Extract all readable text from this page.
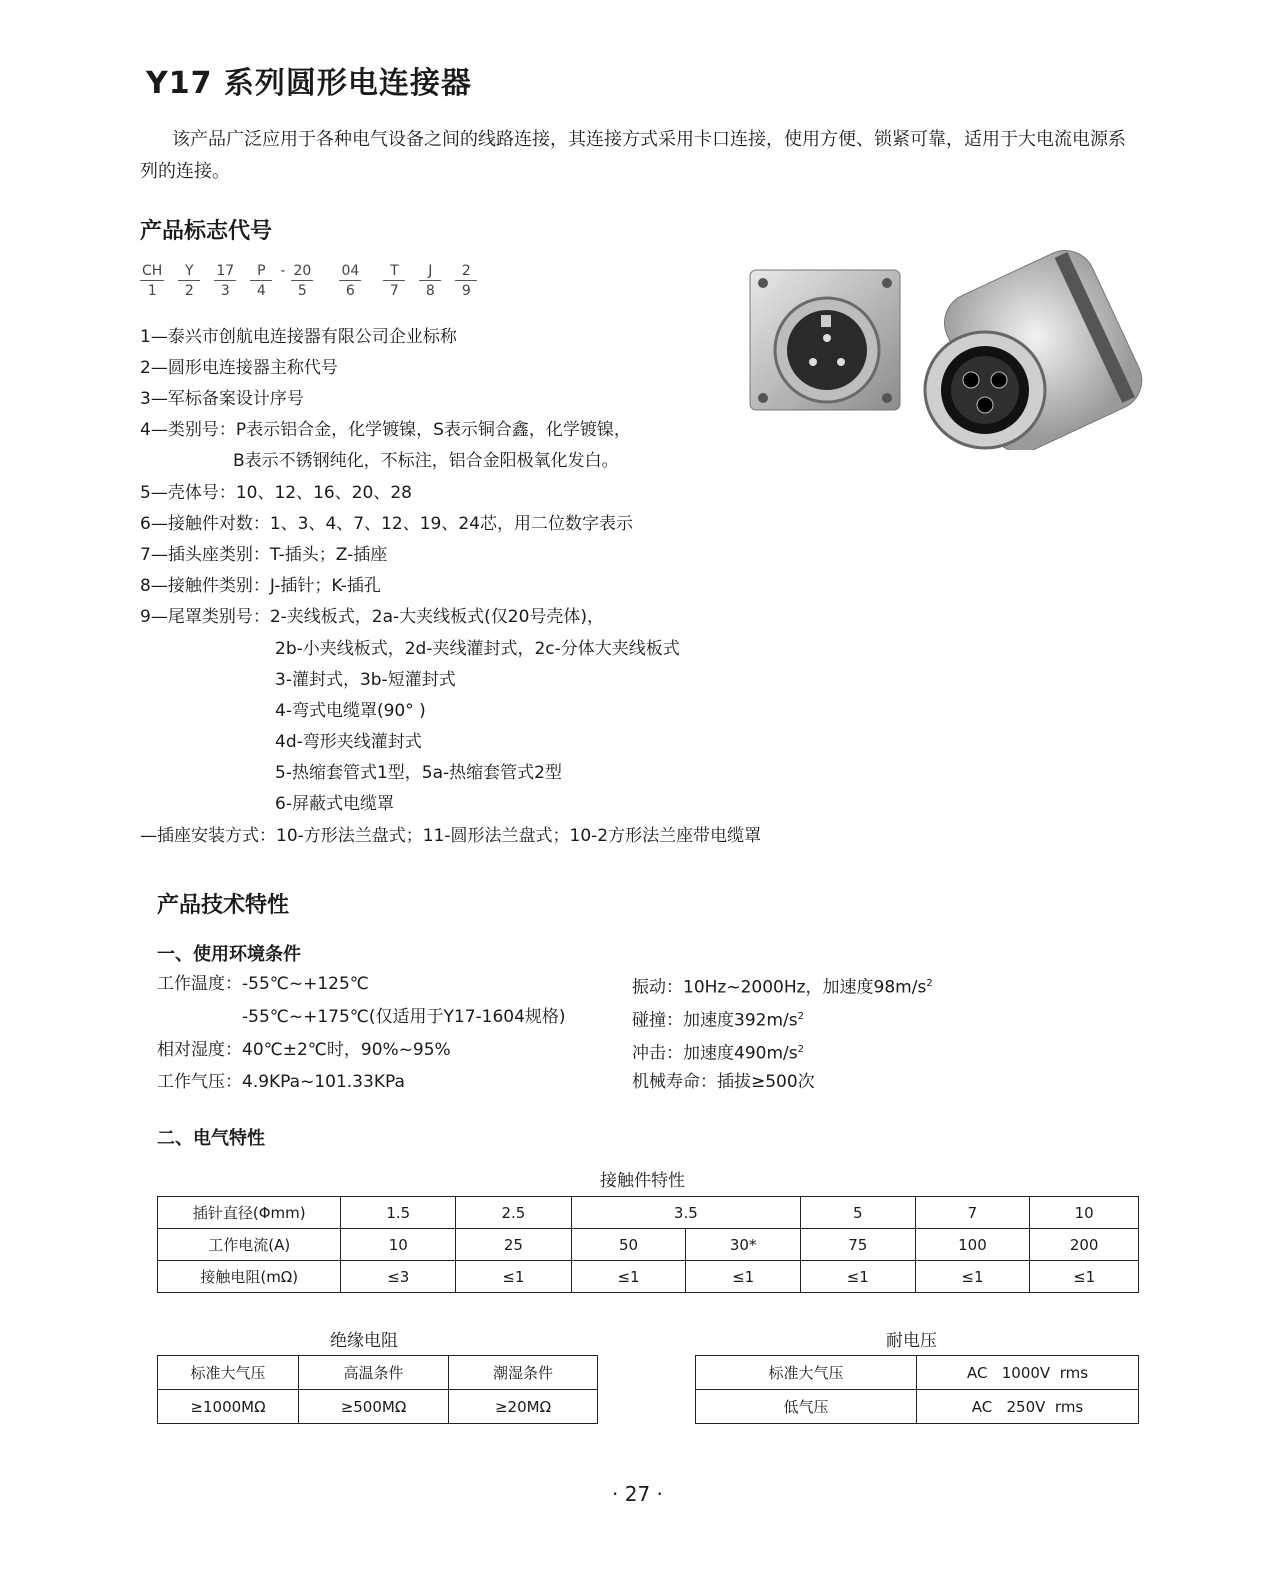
Y17 系列圆形电连接器
该产品广泛应用于各种电气设备之间的线路连接，其连接方式采用卡口连接，使用方便、锁紧可靠，适用于大电流电源系列的连接。
产品标志代号
CH
1
Y
2
17
3
P
4
- 20
5
04
6
T
7
J
8
2
9
1—泰兴市创航电连接器有限公司企业标称
2—圆形电连接器主称代号
3—军标备案设计序号
4—类别号：P表示铝合金，化学镀镍，S表示铜合鑫，化学镀镍，
B表示不锈钢纯化，不标注，铝合金阳极氧化发白。
5—壳体号：10、12、16、20、28
6—接触件对数：1、3、4、7、12、19、24芯，用二位数字表示
7—插头座类别：T-插头；Z-插座
8—接触件类别：J-插针；K-插孔
9—尾罩类别号：2-夹线板式，2a-大夹线板式(仅20号壳体)，
2b-小夹线板式，2d-夹线灌封式，2c-分体大夹线板式
3-灌封式，3b-短灌封式
4-弯式电缆罩(90° )
4d-弯形夹线灌封式
5-热缩套管式1型，5a-热缩套管式2型
6-屏蔽式电缆罩
—插座安装方式：10-方形法兰盘式；11-圆形法兰盘式；10-2方形法兰座带电缆罩
产品技术特性
一、使用环境条件
工作温度：-55℃~+125℃
-55℃~+175℃(仅适用于Y17-1604规格)
相对湿度：40℃±2℃时，90%~95%
工作气压：4.9KPa~101.33KPa
振动：10Hz~2000Hz，加速度$98m/s^2$
碰撞：加速度$392m/s^2$
冲击：加速度$490m/s^2$
机械寿命：插拔≥500次
二、电气特性
接触件特性
插针直径(Φmm)	1.5	2.5	3.5		5	7	10
工作电流(A)	10	25	50	30*	75	100	200
接触电阻(mΩ)	≤3	≤1	≤1	≤1	≤1	≤1	≤1
绝缘电阻
标准大气压	高温条件	潮湿条件
≥1000MΩ	≥500MΩ	≥20MΩ
耐电压
标准大气压	AC   1000V  rms
低气压	AC   250V  rms
· 27 ·
